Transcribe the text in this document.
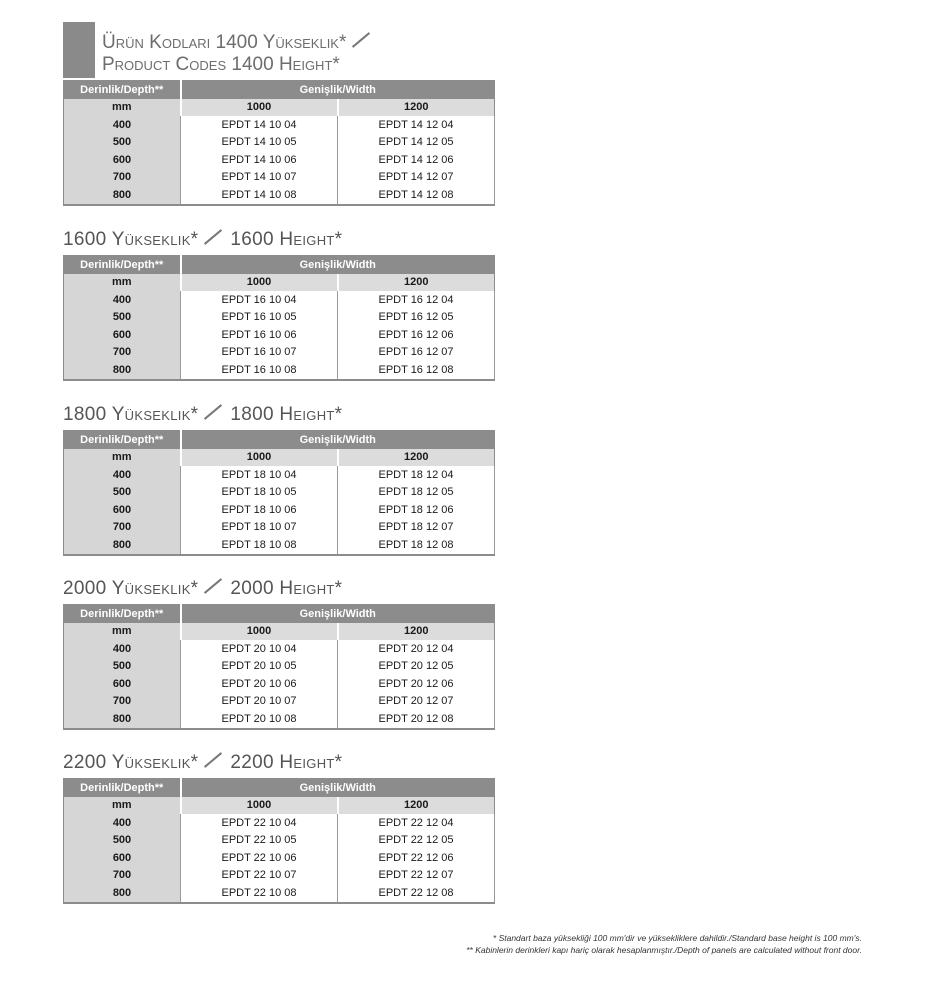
Ürün Kodları 1400 Yükseklik*
Product Codes 1400 Height*
Derinlik/Depth**	Genişlik/Width	
mm	1000	1200
400	EPDT 14 10 04	EPDT 14 12 04
500	EPDT 14 10 05	EPDT 14 12 05
600	EPDT 14 10 06	EPDT 14 12 06
700	EPDT 14 10 07	EPDT 14 12 07
800	EPDT 14 10 08	EPDT 14 12 08
1600 Yükseklik* 1600 Height*
Derinlik/Depth**	Genişlik/Width	
mm	1000	1200
400	EPDT 16 10 04	EPDT 16 12 04
500	EPDT 16 10 05	EPDT 16 12 05
600	EPDT 16 10 06	EPDT 16 12 06
700	EPDT 16 10 07	EPDT 16 12 07
800	EPDT 16 10 08	EPDT 16 12 08
1800 Yükseklik* 1800 Height*
Derinlik/Depth**	Genişlik/Width	
mm	1000	1200
400	EPDT 18 10 04	EPDT 18 12 04
500	EPDT 18 10 05	EPDT 18 12 05
600	EPDT 18 10 06	EPDT 18 12 06
700	EPDT 18 10 07	EPDT 18 12 07
800	EPDT 18 10 08	EPDT 18 12 08
2000 Yükseklik* 2000 Height*
Derinlik/Depth**	Genişlik/Width	
mm	1000	1200
400	EPDT 20 10 04	EPDT 20 12 04
500	EPDT 20 10 05	EPDT 20 12 05
600	EPDT 20 10 06	EPDT 20 12 06
700	EPDT 20 10 07	EPDT 20 12 07
800	EPDT 20 10 08	EPDT 20 12 08
2200 Yükseklik* 2200 Height*
Derinlik/Depth**	Genişlik/Width	
mm	1000	1200
400	EPDT 22 10 04	EPDT 22 12 04
500	EPDT 22 10 05	EPDT 22 12 05
600	EPDT 22 10 06	EPDT 22 12 06
700	EPDT 22 10 07	EPDT 22 12 07
800	EPDT 22 10 08	EPDT 22 12 08
* Standart baza yüksekliği 100 mm'dir ve yüksekliklere dahildir./Standard base height is 100 mm's.
** Kabinlerin derinkleri kapı hariç olarak hesaplanmıştır./Depth of panels are calculated without front door.
